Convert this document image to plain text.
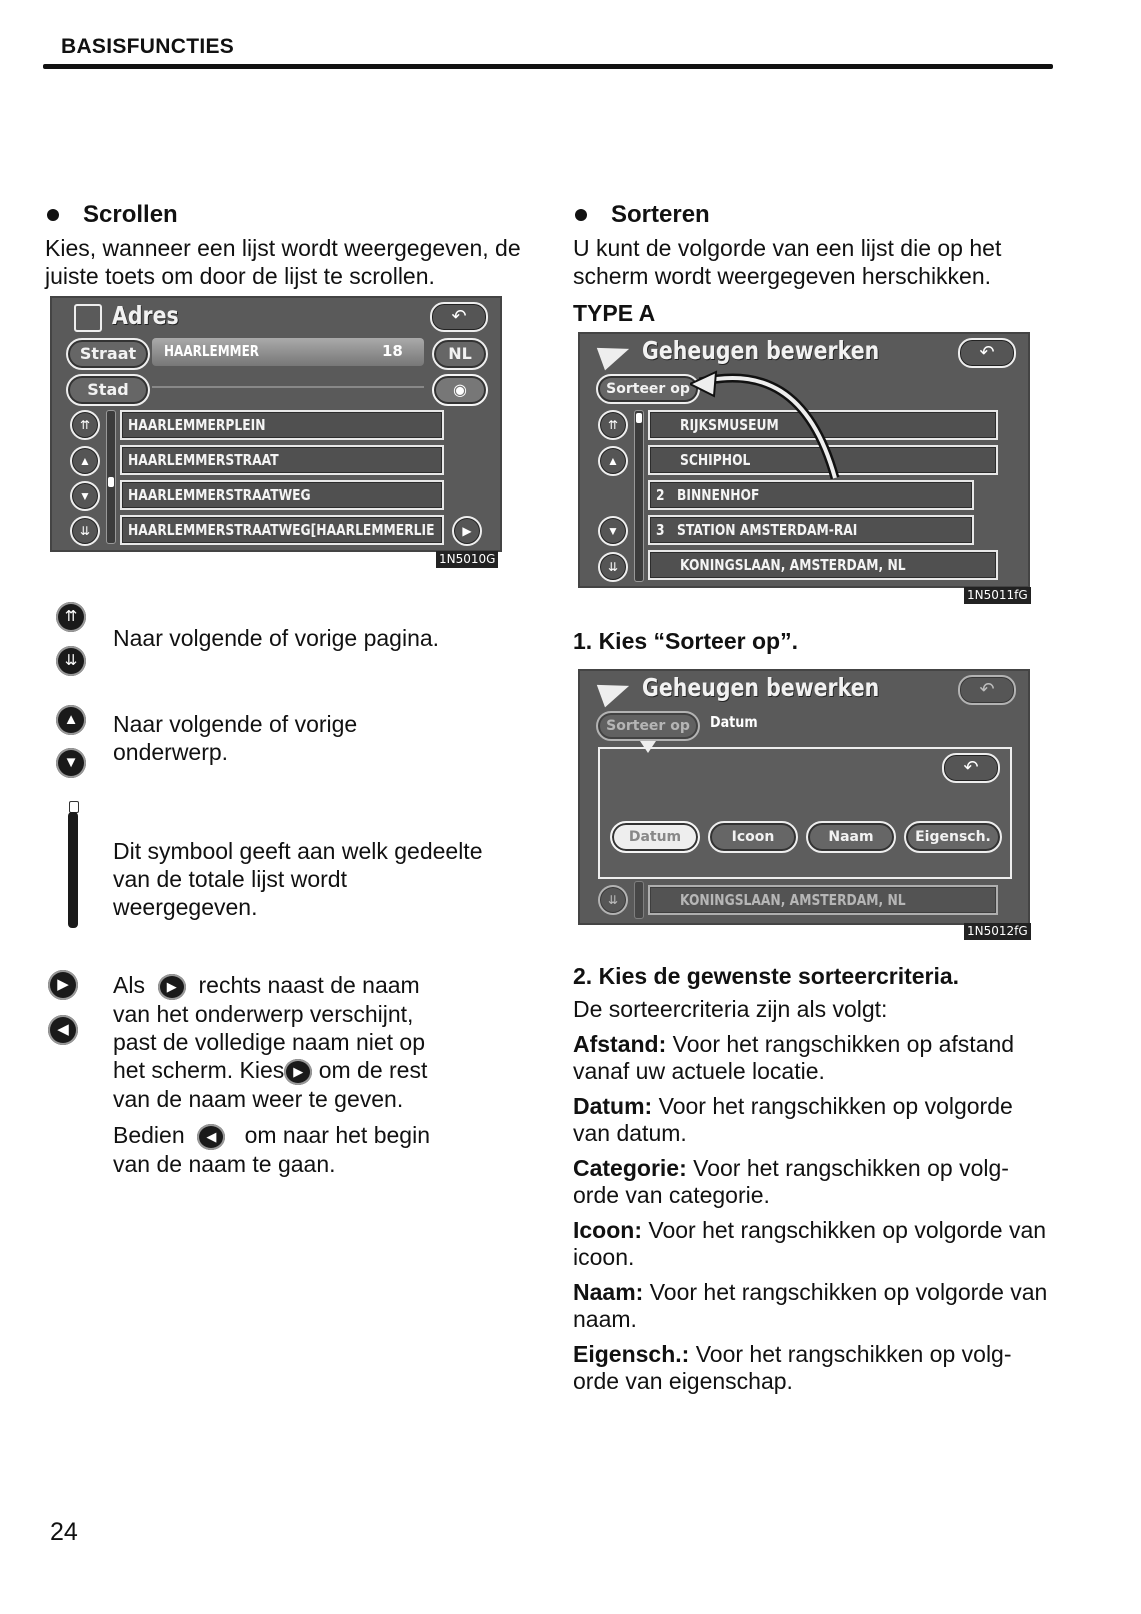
BASISFUNCTIES
Scrollen
Kies, wanneer een lijst wordt weergegeven, de juiste toets om door de lijst te scrollen.
Adres	↶
Straat	HAARLEMMER	18	NL
Stad	◉
⇈
▲
▼
⇊
HAARLEMMERPLEIN
HAARLEMMERSTRAAT
HAARLEMMERSTRAATWEG
HAARLEMMERSTRAATWEG[HAARLEMMERLIE	▶
1N5010G
⇈
⇊
Naar volgende of vorige pagina.
▲
▼
Naar volgende of vorige onderwerp.
Dit symbool geeft aan welk gedeelte van de totale lijst wordt weergegeven.
▶
◀
Als ▶ rechts naast de naam
van het onderwerp verschijnt,
past de volledige naam niet op
het scherm. Kies ▶ om de rest
van de naam weer te geven.
Bedien ◀ om naar het begin
van de naam te gaan.
Sorteren
U kunt de volgorde van een lijst die op het scherm wordt weergegeven herschikken.
TYPE A
Geheugen bewerken	↶
Sorteer op
⇈
▲
▼
⇊
RIJKSMUSEUM
SCHIPHOL
2 BINNENHOF
3 STATION AMSTERDAM-RAI
KONINGSLAAN, AMSTERDAM, NL
1N5011fG
1. Kies “Sorteer op”.
Geheugen bewerken	↶
Sorteer op	Datum
↶
Datum	Icoon	Naam	Eigensch.
⇊	KONINGSLAAN, AMSTERDAM, NL
1N5012fG
2. Kies de gewenste sorteercriteria.
De sorteercriteria zijn als volgt:
Afstand: Voor het rangschikken op afstand vanaf uw actuele locatie.
Datum: Voor het rangschikken op volgorde van datum.
Categorie: Voor het rangschikken op volg-orde van categorie.
Icoon: Voor het rangschikken op volgorde van icoon.
Naam: Voor het rangschikken op volgorde van naam.
Eigensch.: Voor het rangschikken op volg-orde van eigenschap.
24
